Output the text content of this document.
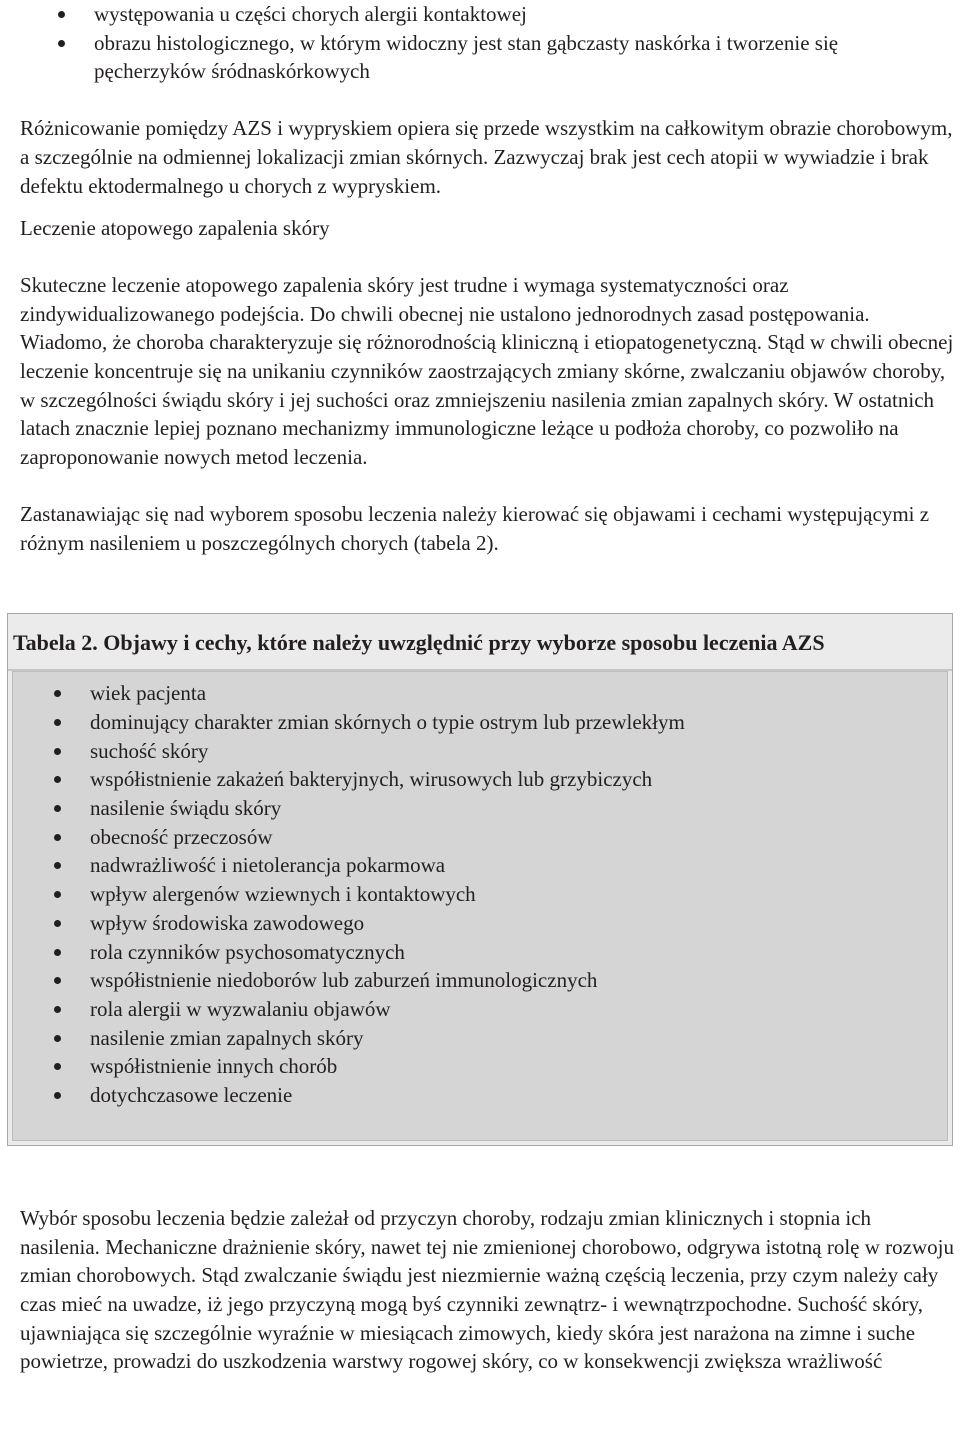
występowania u części chorych alergii kontaktowej
obrazu histologicznego, w którym widoczny jest stan gąbczasty naskórka i tworzenie się pęcherzyków śródnaskórkowych

Różnicowanie pomiędzy AZS i wypryskiem opiera się przede wszystkim na całkowitym obrazie chorobowym, a szczególnie na odmiennej lokalizacji zmian skórnych. Zazwyczaj brak jest cech atopii w wywiadzie i brak defektu ektodermalnego u chorych z wypryskiem.

Leczenie atopowego zapalenia skóry

Skuteczne leczenie atopowego zapalenia skóry jest trudne i wymaga systematyczności oraz zindywidualizowanego podejścia. Do chwili obecnej nie ustalono jednorodnych zasad postępowania. Wiadomo, że choroba charakteryzuje się różnorodnością kliniczną i etiopatogenetyczną. Stąd w chwili obecnej leczenie koncentruje się na unikaniu czynników zaostrzających zmiany skórne, zwalczaniu objawów choroby, w szczególności świądu skóry i jej suchości oraz zmniejszeniu nasilenia zmian zapalnych skóry. W ostatnich latach znacznie lepiej poznano mechanizmy immunologiczne leżące u podłoża choroby, co pozwoliło na zaproponowanie nowych metod leczenia.

Zastanawiając się nad wyborem sposobu leczenia należy kierować się objawami i cechami występującymi z różnym nasileniem u poszczególnych chorych (tabela 2).

Tabela 2. Objawy i cechy, które należy uwzględnić przy wyborze sposobu leczenia AZS
wiek pacjenta
dominujący charakter zmian skórnych o typie ostrym lub przewlekłym
suchość skóry
współistnienie zakażeń bakteryjnych, wirusowych lub grzybiczych
nasilenie świądu skóry
obecność przeczosów
nadwrażliwość i nietolerancja pokarmowa
wpływ alergenów wziewnych i kontaktowych
wpływ środowiska zawodowego
rola czynników psychosomatycznych
współistnienie niedoborów lub zaburzeń immunologicznych
rola alergii w wyzwalaniu objawów
nasilenie zmian zapalnych skóry
współistnienie innych chorób
dotychczasowe leczenie

Wybór sposobu leczenia będzie zależał od przyczyn choroby, rodzaju zmian klinicznych i stopnia ich nasilenia. Mechaniczne drażnienie skóry, nawet tej nie zmienionej chorobowo, odgrywa istotną rolę w rozwoju zmian chorobowych. Stąd zwalczanie świądu jest niezmiernie ważną częścią leczenia, przy czym należy cały czas mieć na uwadze, iż jego przyczyną mogą byś czynniki zewnątrz- i wewnątrzpochodne. Suchość skóry, ujawniająca się szczególnie wyraźnie w miesiącach zimowych, kiedy skóra jest narażona na zimne i suche powietrze, prowadzi do uszkodzenia warstwy rogowej skóry, co w konsekwencji zwiększa wrażliwość
